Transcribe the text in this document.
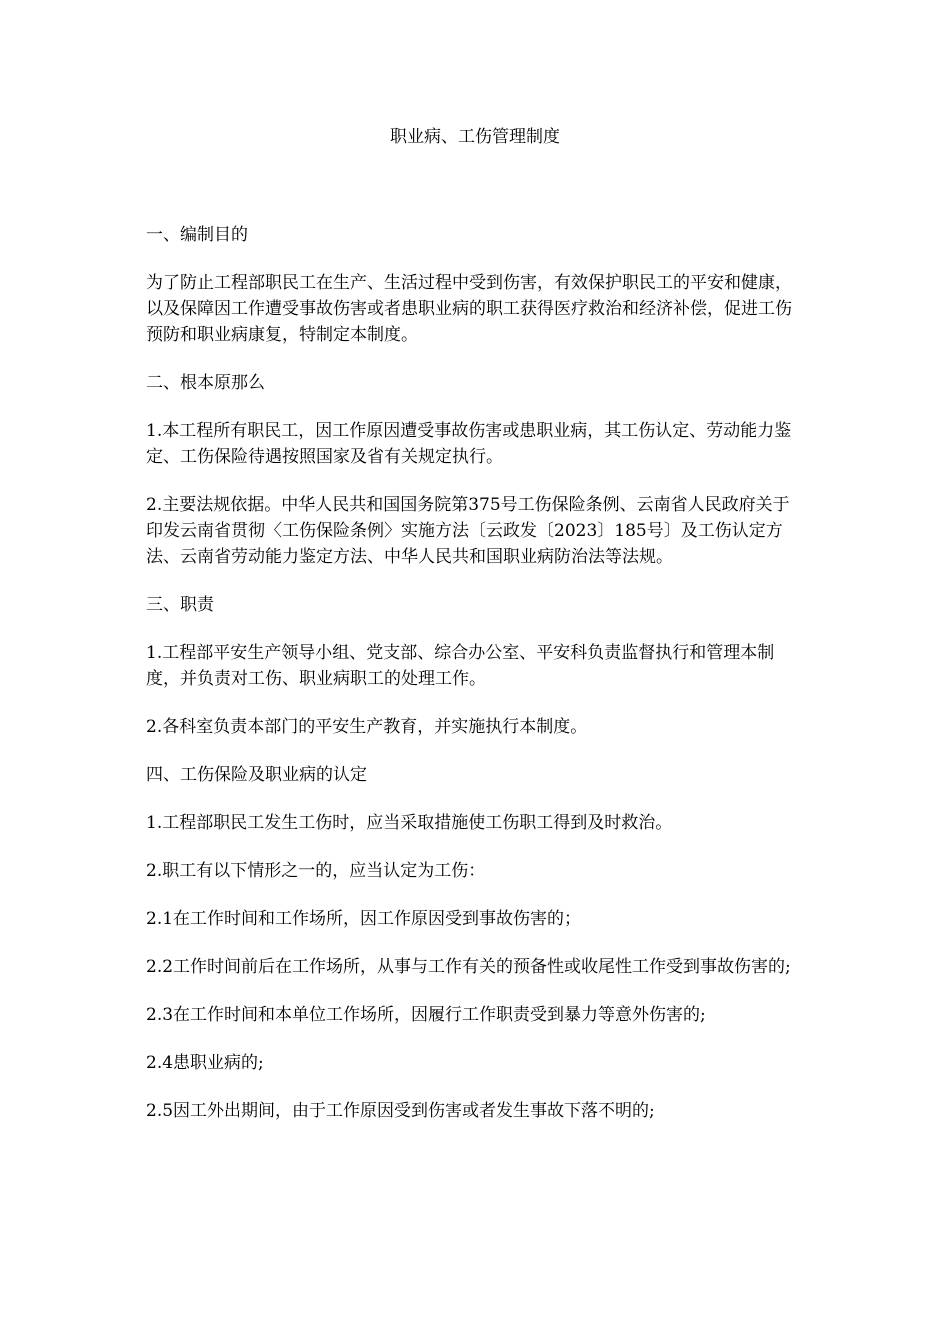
职业病、工伤管理制度

一、编制目的

为了防止工程部职民工在生产、生活过程中受到伤害，有效保护职民工的平安和健康，以及保障因工作遭受事故伤害或者患职业病的职工获得医疗救治和经济补偿，促进工伤预防和职业病康复，特制定本制度。

二、根本原那么

1.本工程所有职民工，因工作原因遭受事故伤害或患职业病，其工伤认定、劳动能力鉴定、工伤保险待遇按照国家及省有关规定执行。

2.主要法规依据。中华人民共和国国务院第375号工伤保险条例、云南省人民政府关于印发云南省贯彻〈工伤保险条例〉实施方法〔云政发〔2023〕185号〕及工伤认定方法、云南省劳动能力鉴定方法、中华人民共和国职业病防治法等法规。

三、职责

1.工程部平安生产领导小组、党支部、综合办公室、平安科负责监督执行和管理本制度，并负责对工伤、职业病职工的处理工作。

2.各科室负责本部门的平安生产教育，并实施执行本制度。

四、工伤保险及职业病的认定

1.工程部职民工发生工伤时，应当采取措施使工伤职工得到及时救治。

2.职工有以下情形之一的，应当认定为工伤：

2.1在工作时间和工作场所，因工作原因受到事故伤害的；

2.2工作时间前后在工作场所，从事与工作有关的预备性或收尾性工作受到事故伤害的;

2.3在工作时间和本单位工作场所，因履行工作职责受到暴力等意外伤害的;

2.4患职业病的;

2.5因工外出期间，由于工作原因受到伤害或者发生事故下落不明的;
